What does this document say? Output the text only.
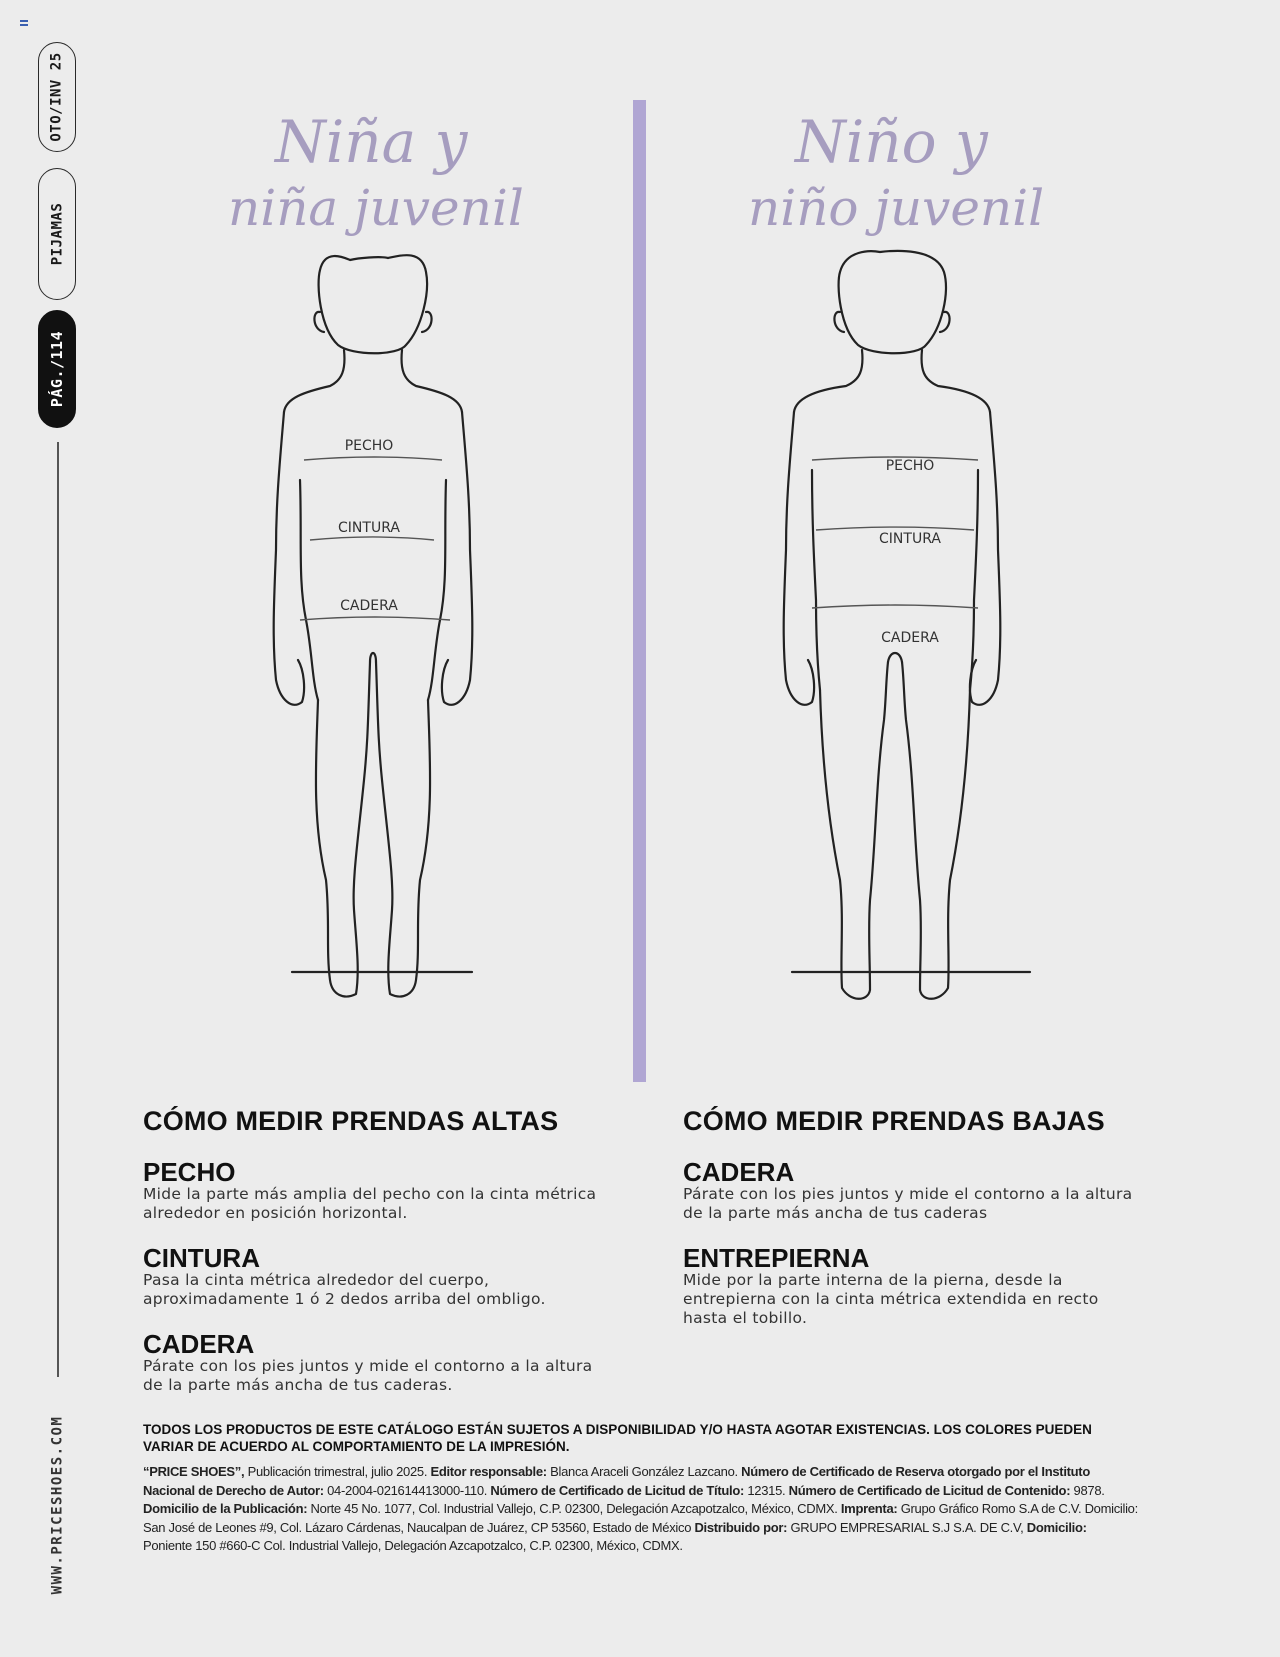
OTO/INV 25
PIJAMAS
PÁG./114
WWW.PRICESHOES.COM
Niña y
niña juvenil
PECHO
CINTURA
CADERA
Niño y
niño juvenil
PECHO
CINTURA
CADERA
CÓMO MEDIR PRENDAS ALTAS
PECHO
Mide la parte más amplia del pecho con la cinta métrica
alrededor en posición horizontal.
CINTURA
Pasa la cinta métrica alrededor del cuerpo,
aproximadamente 1 ó 2 dedos arriba del ombligo.
CADERA
Párate con los pies juntos y mide el contorno a la altura
de la parte más ancha de tus caderas.
CÓMO MEDIR PRENDAS BAJAS
CADERA
Párate con los pies juntos y mide el contorno a la altura
de la parte más ancha de tus caderas
ENTREPIERNA
Mide por la parte interna de la pierna, desde la
entrepierna con la cinta métrica extendida en recto
hasta el tobillo.
TODOS LOS PRODUCTOS DE ESTE CATÁLOGO ESTÁN SUJETOS A DISPONIBILIDAD Y/O HASTA AGOTAR EXISTENCIAS. LOS COLORES PUEDEN
VARIAR DE ACUERDO AL COMPORTAMIENTO DE LA IMPRESIÓN.
“PRICE SHOES”, Publicación trimestral, julio 2025. Editor responsable: Blanca Araceli González Lazcano. Número de Certificado de Reserva otorgado por el Instituto Nacional de Derecho de Autor: 04-2004-021614413000-110. Número de Certificado de Licitud de Título: 12315. Número de Certificado de Licitud de Contenido: 9878. Domicilio de la Publicación: Norte 45 No. 1077, Col. Industrial Vallejo, C.P. 02300, Delegación Azcapotzalco, México, CDMX. Imprenta: Grupo Gráfico Romo S.A de C.V. Domicilio: San José de Leones #9, Col. Lázaro Cárdenas, Naucalpan de Juárez, CP 53560, Estado de México Distribuido por: GRUPO EMPRESARIAL S.J S.A. DE C.V, Domicilio: Poniente 150 #660-C Col. Industrial Vallejo, Delegación Azcapotzalco, C.P. 02300, México, CDMX.
